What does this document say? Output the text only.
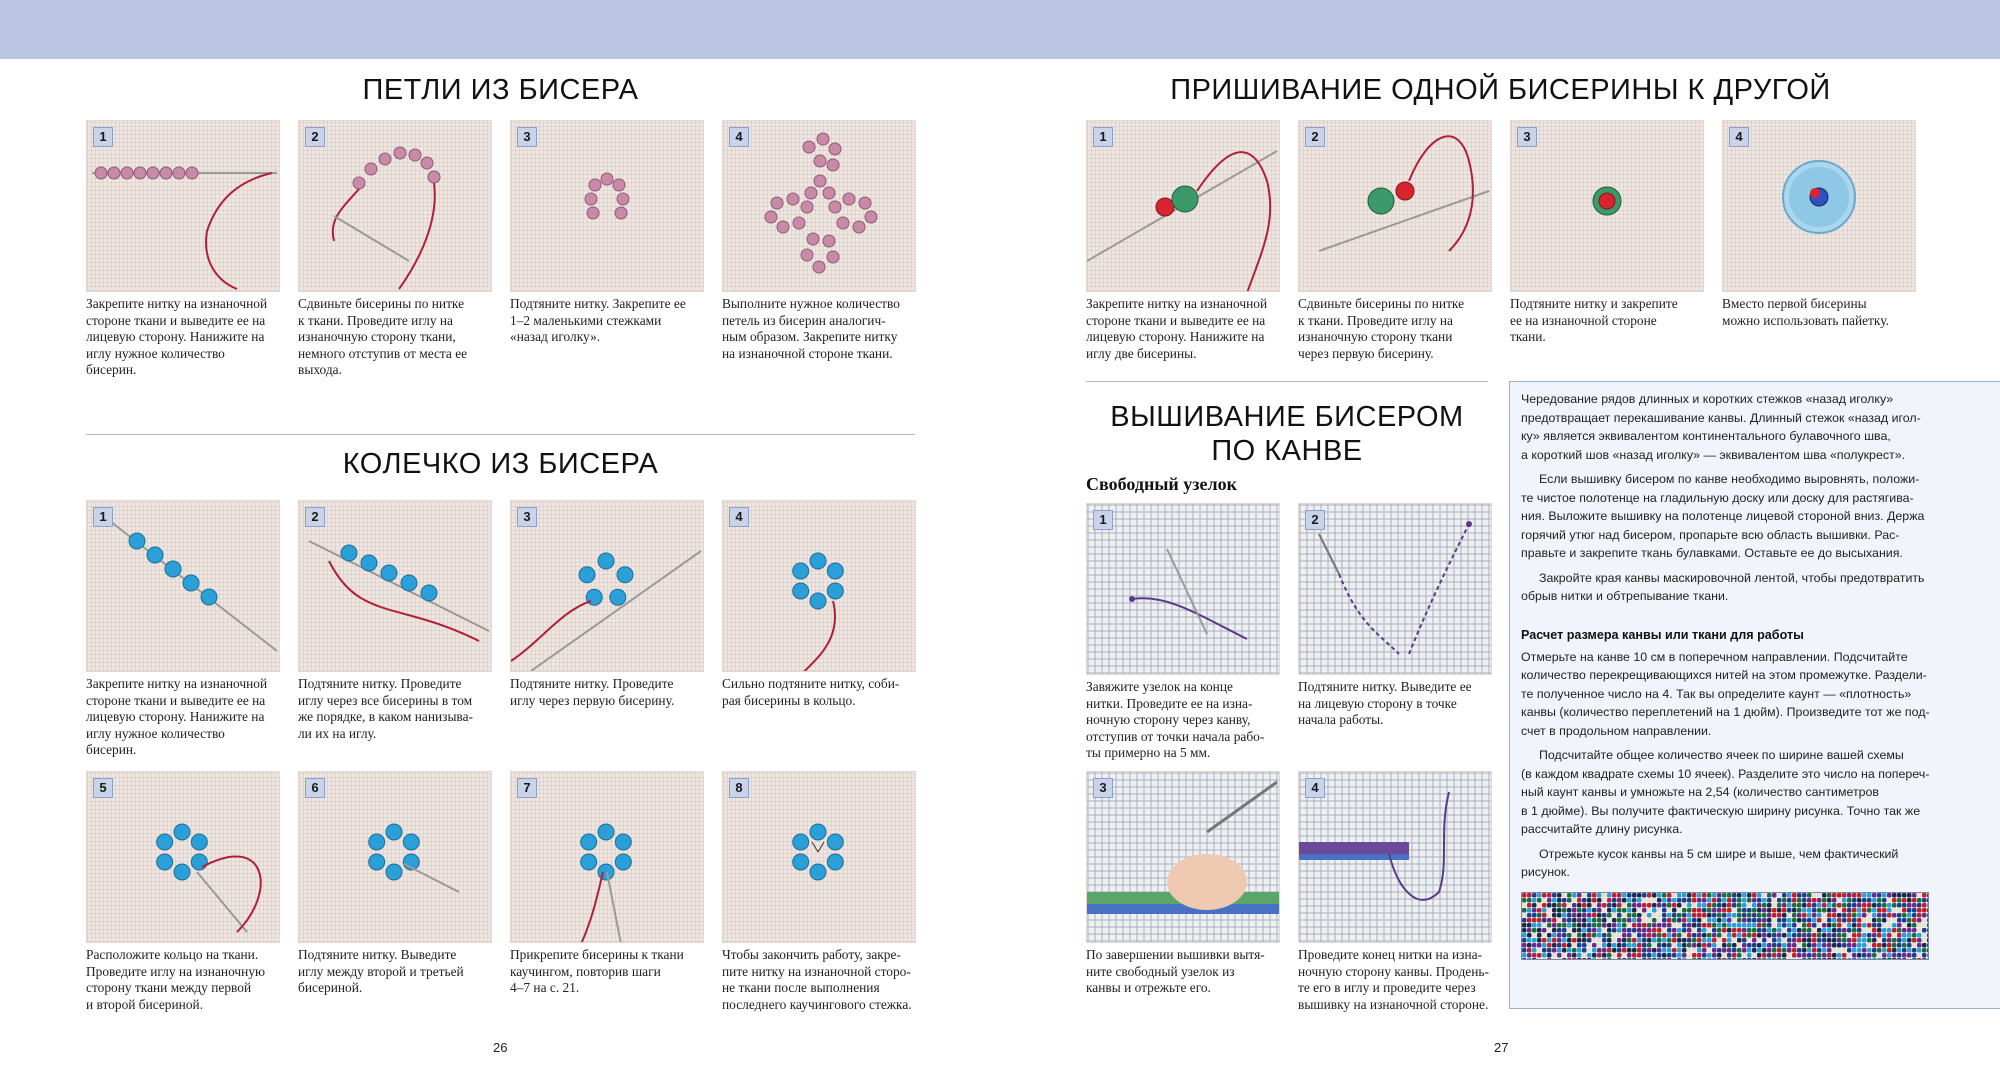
ПЕТЛИ ИЗ БИСЕРА
1
Закрепите нитку на изнаночной
стороне ткани и выведите ее на
лицевую сторону. Нанижите на
иглу нужное количество
бисерин.
2
Сдвиньте бисерины по нитке
к ткани. Проведите иглу на
изнаночную сторону ткани,
немного отступив от места ее
выхода.
3
Подтяните нитку. Закрепите ее
1–2 маленькими стежками
«назад иголку».
4
Выполните нужное количество
петель из бисерин аналогич-
ным образом. Закрепите нитку
на изнаночной стороне ткани.
КОЛЕЧКО ИЗ БИСЕРА
1
Закрепите нитку на изнаночной
стороне ткани и выведите ее на
лицевую сторону. Нанижите на
иглу нужное количество
бисерин.
2
Подтяните нитку. Проведите
иглу через все бисерины в том
же порядке, в каком нанизыва-
ли их на иглу.
3
Подтяните нитку. Проведите
иглу через первую бисерину.
4
Сильно подтяните нитку, соби-
рая бисерины в кольцо.
5
Расположите кольцо на ткани.
Проведите иглу на изнаночную
сторону ткани между первой
и второй бисериной.
6
Подтяните нитку. Выведите
иглу между второй и третьей
бисериной.
7
Прикрепите бисерины к ткани
каучингом, повторив шаги
4–7 на с. 21.
8
Чтобы закончить работу, закре-
пите нитку на изнаночной сторо-
не ткани после выполнения
последнего каучингового стежка.
ПРИШИВАНИЕ ОДНОЙ БИСЕРИНЫ К ДРУГОЙ
1
Закрепите нитку на изнаночной
стороне ткани и выведите ее на
лицевую сторону. Нанижите на
иглу две бисерины.
2
Сдвиньте бисерины по нитке
к ткани. Проведите иглу на
изнаночную сторону ткани
через первую бисерину.
3
Подтяните нитку и закрепите
ее на изнаночной стороне
ткани.
4
Вместо первой бисерины
можно использовать пайетку.
ВЫШИВАНИЕ БИСЕРОМ
ПО КАНВЕ
Свободный узелок
1
Завяжите узелок на конце
нитки. Проведите ее на изна-
ночную сторону через канву,
отступив от точки начала рабо-
ты примерно на 5 мм.
2
Подтяните нитку. Выведите ее
на лицевую сторону в точке
начала работы.
3
По завершении вышивки вытя-
ните свободный узелок из
канвы и отрежьте его.
4
Проведите конец нитки на изна-
ночную сторону канвы. Продень-
те его в иглу и проведите через
вышивку на изнаночной стороне.

Чередование рядов длинных и коротких стежков «назад иголку»
предотвращает перекашивание канвы. Длинный стежок «назад игол-
ку» является эквивалентом континентального булавочного шва,
а короткий шов «назад иголку» — эквивалентом шва «полукрест».

Если вышивку бисером по канве необходимо выровнять, положи-
те чистое полотенце на гладильную доску или доску для растягива-
ния. Выложите вышивку на полотенце лицевой стороной вниз. Держа
горячий утюг над бисером, пропарьте всю область вышивки. Рас-
правьте и закрепите ткань булавками. Оставьте ее до высыхания.

Закройте края канвы маскировочной лентой, чтобы предотвратить
обрыв нитки и обтрепывание ткани.

Расчет размера канвы или ткани для работы

Отмерьте на канве 10 см в поперечном направлении. Подсчитайте
количество перекрещивающихся нитей на этом промежутке. Раздели-
те полученное число на 4. Так вы определите каунт — «плотность»
канвы (количество переплетений на 1 дюйм). Произведите тот же под-
счет в продольном направлении.

Подсчитайте общее количество ячеек по ширине вашей схемы
(в каждом квадрате схемы 10 ячеек). Разделите это число на попереч-
ный каунт канвы и умножьте на 2,54 (количество сантиметров
в 1 дюйме). Вы получите фактическую ширину рисунка. Точно так же
рассчитайте длину рисунка.

Отрежьте кусок канвы на 5 см шире и выше, чем фактический
рисунок.

26	27
